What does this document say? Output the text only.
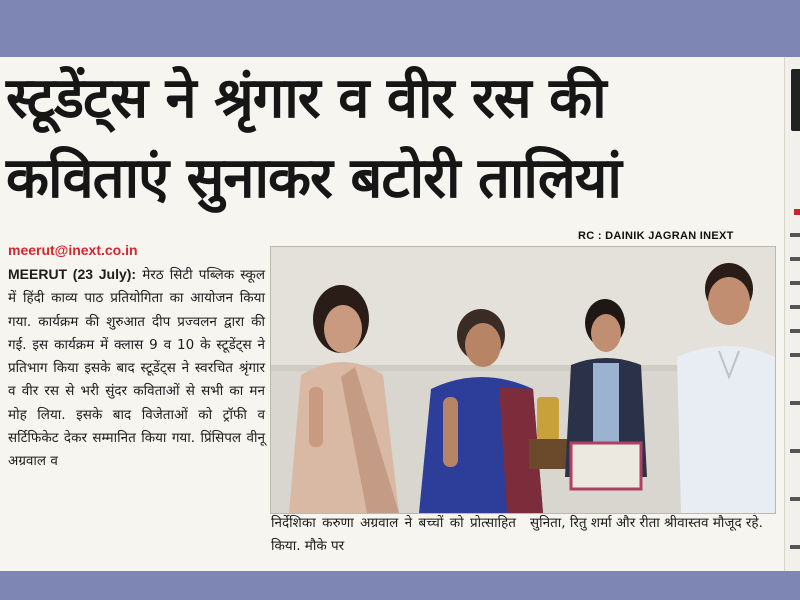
स्टूडेंट्स ने श्रृंगार व वीर रस की
कविताएं सुनाकर बटोरी तालियां
meerut@inext.co.in
RC : DAINIK JAGRAN INEXT
MEERUT (23 July): मेरठ सिटी पब्लिक स्कूल में हिंदी काव्य पाठ प्रतियोगिता का आयोजन किया गया. कार्यक्रम की शुरुआत दीप प्रज्वलन द्वारा की गई. इस कार्यक्रम में क्लास 9 व 10 के स्टूडेंट्स ने प्रतिभाग किया इसके बाद स्टूडेंट्स ने स्वरचित श्रृंगार व वीर रस से भरी सुंदर कविताओं से सभी का मन मोह लिया. इसके बाद विजेताओं को ट्रॉफी व सर्टिफिकेट देकर सम्मानित किया गया. प्रिंसिपल वीनू अग्रवाल व
निर्देशिका करुणा अग्रवाल ने बच्चों को प्रोत्साहित किया. मौके पर
सुनिता, रितु शर्मा और रीता श्रीवास्तव मौजूद रहे.
